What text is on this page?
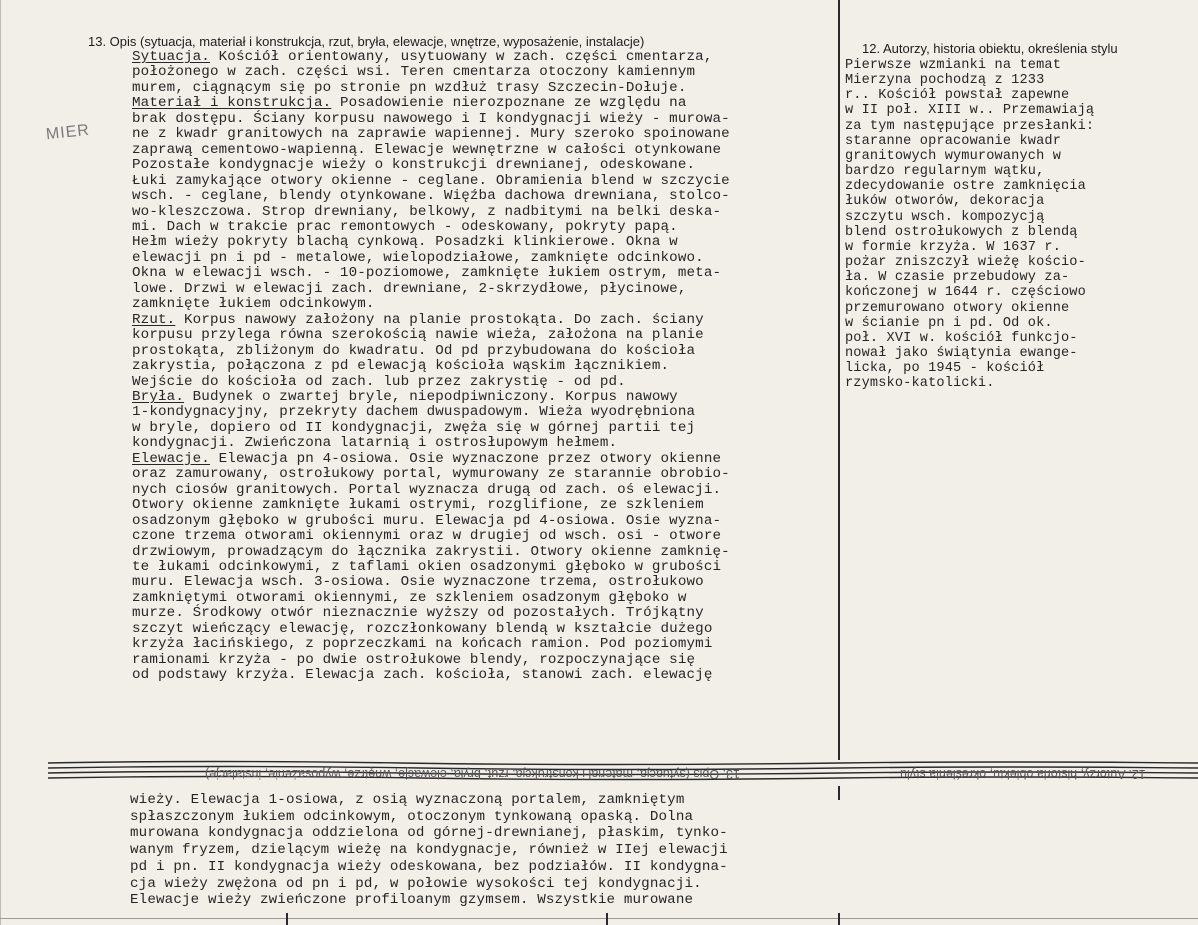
13. Opis (sytuacja, materiał i konstrukcja, rzut, bryła, elewacje, wnętrze, wyposażenie, instalacje)	12. Autorzy, historia obiektu, określenia stylu
MIER
Sytuacja. Kościół orientowany, usytuowany w zach. części cmentarza,
położonego w zach. części wsi. Teren cmentarza otoczony kamiennym
murem, ciągnącym się po stronie pn wzdłuż trasy Szczecin-Dołuje.
Materiał i konstrukcja. Posadowienie nierozpoznane ze względu na
brak dostępu. Ściany korpusu nawowego i I kondygnacji wieży - murowa-
ne z kwadr granitowych na zaprawie wapiennej. Mury szeroko spoinowane
zaprawą cementowo-wapienną. Elewacje wewnętrzne w całości otynkowane
Pozostałe kondygnacje wieży o konstrukcji drewnianej, odeskowane.
Łuki zamykające otwory okienne - ceglane. Obramienia blend w szczycie
wsch. - ceglane, blendy otynkowane. Więźba dachowa drewniana, stolco-
wo-kleszczowa. Strop drewniany, belkowy, z nadbitymi na belki deska-
mi. Dach w trakcie prac remontowych - odeskowany, pokryty papą.
Hełm wieży pokryty blachą cynkową. Posadzki klinkierowe. Okna w
elewacji pn i pd - metalowe, wielopodziałowe, zamknięte odcinkowo.
Okna w elewacji wsch. - 10-poziomowe, zamknięte łukiem ostrym, meta-
lowe. Drzwi w elewacji zach. drewniane, 2-skrzydłowe, płycinowe,
zamknięte łukiem odcinkowym.
Rzut. Korpus nawowy założony na planie prostokąta. Do zach. ściany
korpusu przylega równa szerokością nawie wieża, założona na planie
prostokąta, zbliżonym do kwadratu. Od pd przybudowana do kościoła
zakrystia, połączona z pd elewacją kościoła wąskim łącznikiem.
Wejście do kościoła od zach. lub przez zakrystię - od pd.
Bryła. Budynek o zwartej bryle, niepodpiwniczony. Korpus nawowy
1-kondygnacyjny, przekryty dachem dwuspadowym. Wieża wyodrębniona
w bryle, dopiero od II kondygnacji, zwęża się w górnej partii tej
kondygnacji. Zwieńczona latarnią i ostrosłupowym hełmem.
Elewacje. Elewacja pn 4-osiowa. Osie wyznaczone przez otwory okienne
oraz zamurowany, ostrołukowy portal, wymurowany ze starannie obrobio-
nych ciosów granitowych. Portal wyznacza drugą od zach. oś elewacji.
Otwory okienne zamknięte łukami ostrymi, rozglifione, ze szkleniem
osadzonym głęboko w grubości muru. Elewacja pd 4-osiowa. Osie wyzna-
czone trzema otworami okiennymi oraz w drugiej od wsch. osi - otwore
drzwiowym, prowadzącym do łącznika zakrystii. Otwory okienne zamknię-
te łukami odcinkowymi, z taflami okien osadzonymi głęboko w grubości
muru. Elewacja wsch. 3-osiowa. Osie wyznaczone trzema, ostrołukowo
zamkniętymi otworami okiennymi, ze szkleniem osadzonym głęboko w
murze. Środkowy otwór nieznacznie wyższy od pozostałych. Trójkątny
szczyt wieńczący elewację, rozczłonkowany blendą w kształcie dużego
krzyża łacińskiego, z poprzeczkami na końcach ramion. Pod poziomymi
ramionami krzyża - po dwie ostrołukowe blendy, rozpoczynające się
od podstawy krzyża. Elewacja zach. kościoła, stanowi zach. elewację
Pierwsze wzmianki na temat
Mierzyna pochodzą z 1233
r.. Kościół powstał zapewne
w II poł. XIII w.. Przemawiają
za tym następujące przesłanki:
staranne opracowanie kwadr
granitowych wymurowanych w
bardzo regularnym wątku,
zdecydowanie ostre zamknięcia
łuków otworów, dekoracja
szczytu wsch. kompozycją
blend ostrołukowych z blendą
w formie krzyża. W 1637 r.
pożar zniszczył wieżę kościo-
ła. W czasie przebudowy za-
kończonej w 1644 r. częściowo
przemurowano otwory okienne
w ścianie pn i pd. Od ok.
poł. XVI w. kościół funkcjo-
nował jako świątynia ewange-
licka, po 1945 - kościół
rzymsko-katolicki.
13. Opis (sytuacja, materiał i konstrukcja, rzut, bryła, elewacje, wnętrze, wyposażenie, instalacje)	12. Autorzy, historia obiektu, określenia stylu
wieży. Elewacja 1-osiowa, z osią wyznaczoną portalem, zamkniętym
spłaszczonym łukiem odcinkowym, otoczonym tynkowaną opaską. Dolna
murowana kondygnacja oddzielona od górnej-drewnianej, płaskim, tynko-
wanym fryzem, dzielącym wieżę na kondygnacje, również w IIej elewacji
pd i pn. II kondygnacja wieży odeskowana, bez podziałów. II kondygna-
cja wieży zwężona od pn i pd, w połowie wysokości tej kondygnacji.
Elewacje wieży zwieńczone profiloanym gzymsem. Wszystkie murowane
